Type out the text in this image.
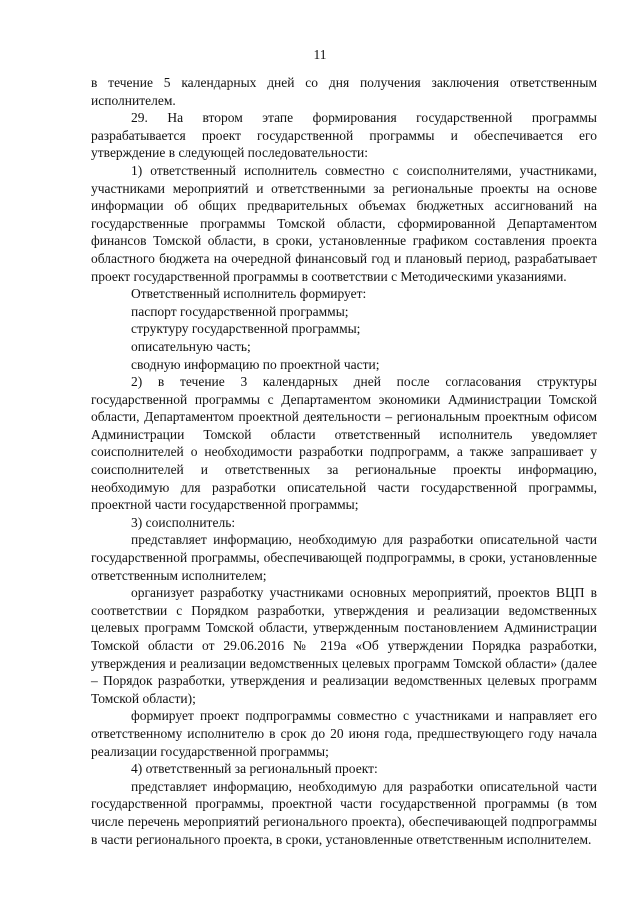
11

в течение 5 календарных дней со дня получения заключения ответственным исполнителем.

29. На втором этапе формирования государственной программы разрабатывается проект государственной программы и обеспечивается его утверждение в следующей последовательности:

1) ответственный исполнитель совместно с соисполнителями, участниками, участниками мероприятий и ответственными за региональные проекты на основе информации об общих предварительных объемах бюджетных ассигнований на государственные программы Томской области, сформированной Департаментом финансов Томской области, в сроки, установленные графиком составления проекта областного бюджета на очередной финансовый год и плановый период, разрабатывает проект государственной программы в соответствии с Методическими указаниями.

Ответственный исполнитель формирует:

паспорт государственной программы;

структуру государственной программы;

описательную часть;

сводную информацию по проектной части;

2) в течение 3 календарных дней после согласования структуры государственной программы с Департаментом экономики Администрации Томской области, Департаментом проектной деятельности – региональным проектным офисом Администрации Томской области ответственный исполнитель уведомляет соисполнителей о необходимости разработки подпрограмм, а также запрашивает у соисполнителей и ответственных за региональные проекты информацию, необходимую для разработки описательной части государственной программы, проектной части государственной программы;

3) соисполнитель:

представляет информацию, необходимую для разработки описательной части государственной программы, обеспечивающей подпрограммы, в сроки, установленные ответственным исполнителем;

организует разработку участниками основных мероприятий, проектов ВЦП в соответствии с Порядком разработки, утверждения и реализации ведомственных целевых программ Томской области, утвержденным постановлением Администрации Томской области от 29.06.2016 № 219а «Об утверждении Порядка разработки, утверждения и реализации ведомственных целевых программ Томской области» (далее – Порядок разработки, утверждения и реализации ведомственных целевых программ Томской области);

формирует проект подпрограммы совместно с участниками и направляет его ответственному исполнителю в срок до 20 июня года, предшествующего году начала реализации государственной программы;

4) ответственный за региональный проект:

представляет информацию, необходимую для разработки описательной части государственной программы, проектной части государственной программы (в том числе перечень мероприятий регионального проекта), обеспечивающей подпрограммы в части регионального проекта, в сроки, установленные ответственным исполнителем.
